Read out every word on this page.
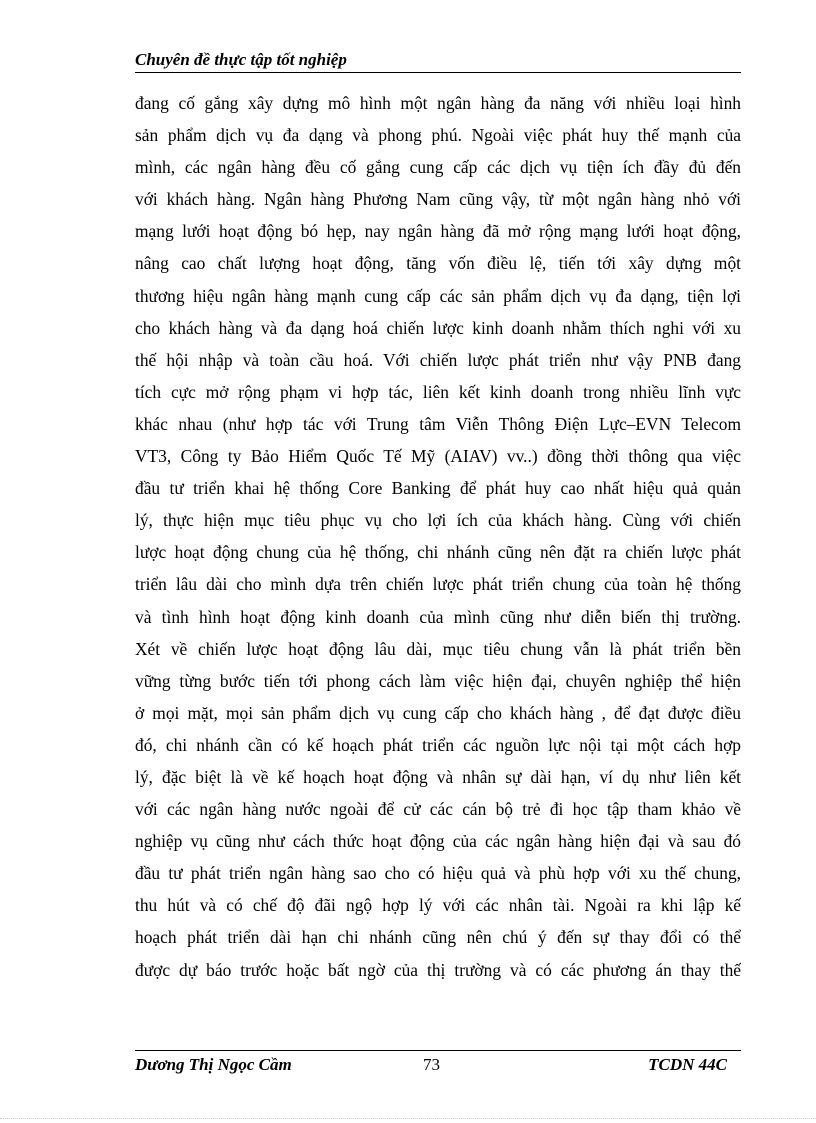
Chuyên đề thực tập tốt nghiệp
đang cố gắng xây dựng mô hình một ngân hàng đa năng với nhiều loại hình
sản phẩm dịch vụ đa dạng và phong phú. Ngoài việc phát huy thế mạnh của
mình, các ngân hàng đều cố gắng cung cấp các dịch vụ tiện ích đầy đủ đến
với khách hàng. Ngân hàng Phương Nam cũng vậy, từ một ngân hàng nhỏ với
mạng lưới hoạt động bó hẹp, nay ngân hàng đã mở rộng mạng lưới hoạt động,
nâng cao chất lượng hoạt động, tăng vốn điều lệ, tiến tới xây dựng một
thương hiệu ngân hàng mạnh cung cấp các sản phẩm dịch vụ đa dạng, tiện lợi
cho khách hàng và đa dạng hoá chiến lược kinh doanh nhằm thích nghi với xu
thế hội nhập và toàn cầu hoá. Với chiến lược phát triển như vậy PNB đang
tích cực mở rộng phạm vi hợp tác, liên kết kinh doanh trong nhiều lĩnh vực
khác nhau (như hợp tác với Trung tâm Viễn Thông Điện Lực–EVN Telecom
VT3, Công ty Bảo Hiểm Quốc Tế Mỹ (AIAV) vv..) đồng thời thông qua việc
đầu tư triển khai hệ thống Core Banking để phát huy cao nhất hiệu quả quản
lý, thực hiện mục tiêu phục vụ cho lợi ích của khách hàng. Cùng với chiến
lược hoạt động chung của hệ thống, chi nhánh cũng nên đặt ra chiến lược phát
triển lâu dài cho mình dựa trên chiến lược phát triển chung của toàn hệ thống
và tình hình hoạt động kinh doanh của mình cũng như diễn biến thị trường.
Xét về chiến lược hoạt động lâu dài, mục tiêu chung vẫn là phát triển bền
vững từng bước tiến tới phong cách làm việc hiện đại, chuyên nghiệp thể hiện
ở mọi mặt, mọi sản phẩm dịch vụ cung cấp cho khách hàng , để đạt được điều
đó, chi nhánh cần có kế hoạch phát triển các nguồn lực nội tại một cách hợp
lý, đặc biệt là về kế hoạch hoạt động và nhân sự dài hạn, ví dụ như liên kết
với các ngân hàng nước ngoài để cử các cán bộ trẻ đi học tập tham khảo về
nghiệp vụ cũng như cách thức hoạt động của các ngân hàng hiện đại và sau đó
đầu tư phát triển ngân hàng sao cho có hiệu quả và phù hợp với xu thế chung,
thu hút và có chế độ đãi ngộ hợp lý với các nhân tài. Ngoài ra khi lập kế
hoạch phát triển dài hạn chi nhánh cũng nên chú ý đến sự thay đổi có thể
được dự báo trước hoặc bất ngờ của thị trường và có các phương án thay thế
Dương Thị Ngọc Cầm	73	TCDN 44C
